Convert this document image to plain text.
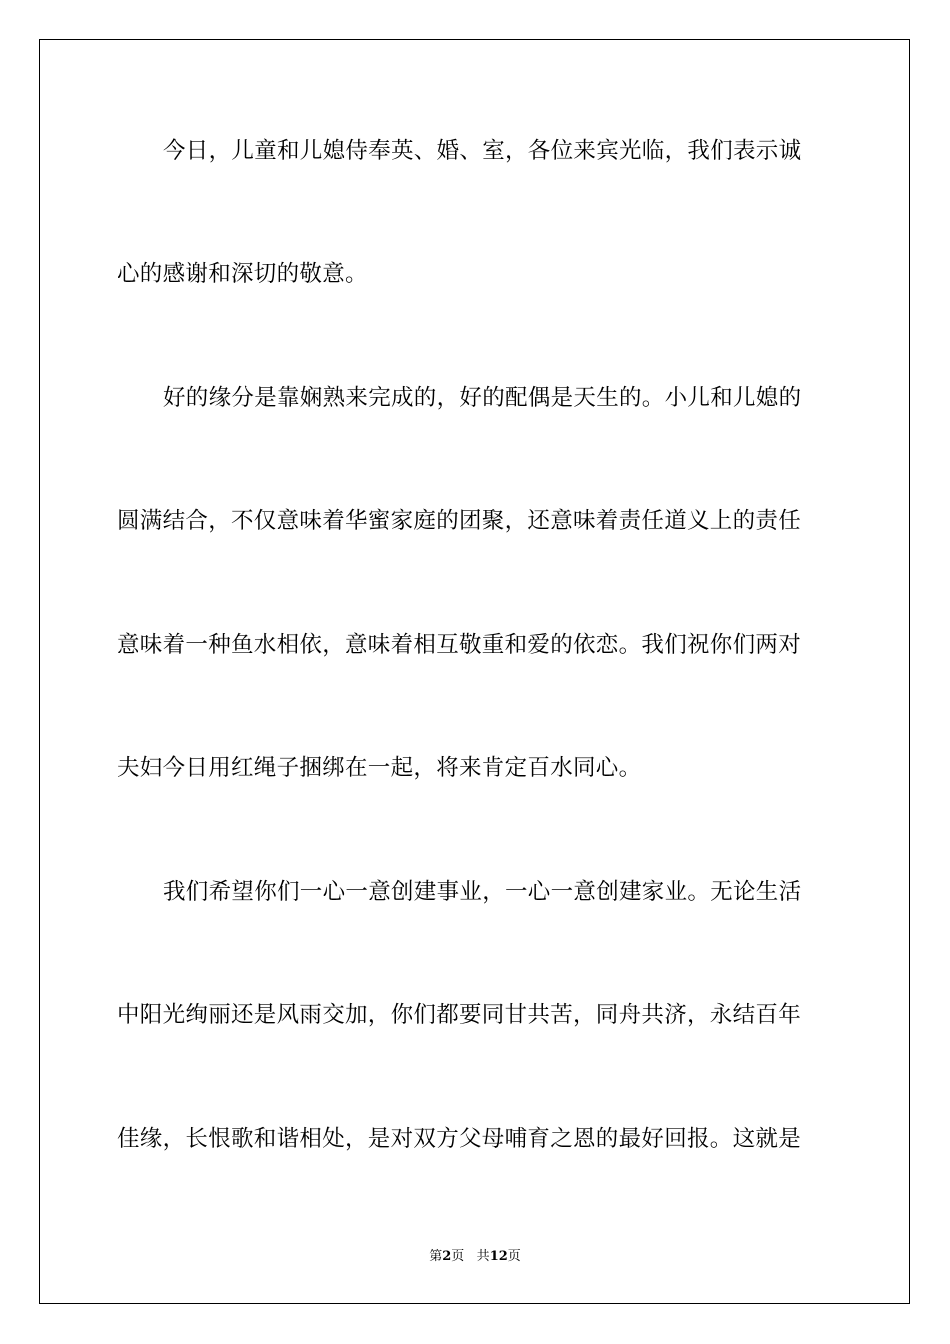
今日，儿童和儿媳侍奉英、婚、室，各位来宾光临，我们表示诚
心的感谢和深切的敬意。
好的缘分是靠娴熟来完成的，好的配偶是天生的。小儿和儿媳的
圆满结合，不仅意味着华蜜家庭的团聚，还意味着责任道义上的责任
意味着一种鱼水相依，意味着相互敬重和爱的依恋。我们祝你们两对
夫妇今日用红绳子捆绑在一起，将来肯定百水同心。
我们希望你们一心一意创建事业，一心一意创建家业。无论生活
中阳光绚丽还是风雨交加，你们都要同甘共苦，同舟共济，永结百年
佳缘，长恨歌和谐相处，是对双方父母哺育之恩的最好回报。这就是
第2页 共12页
